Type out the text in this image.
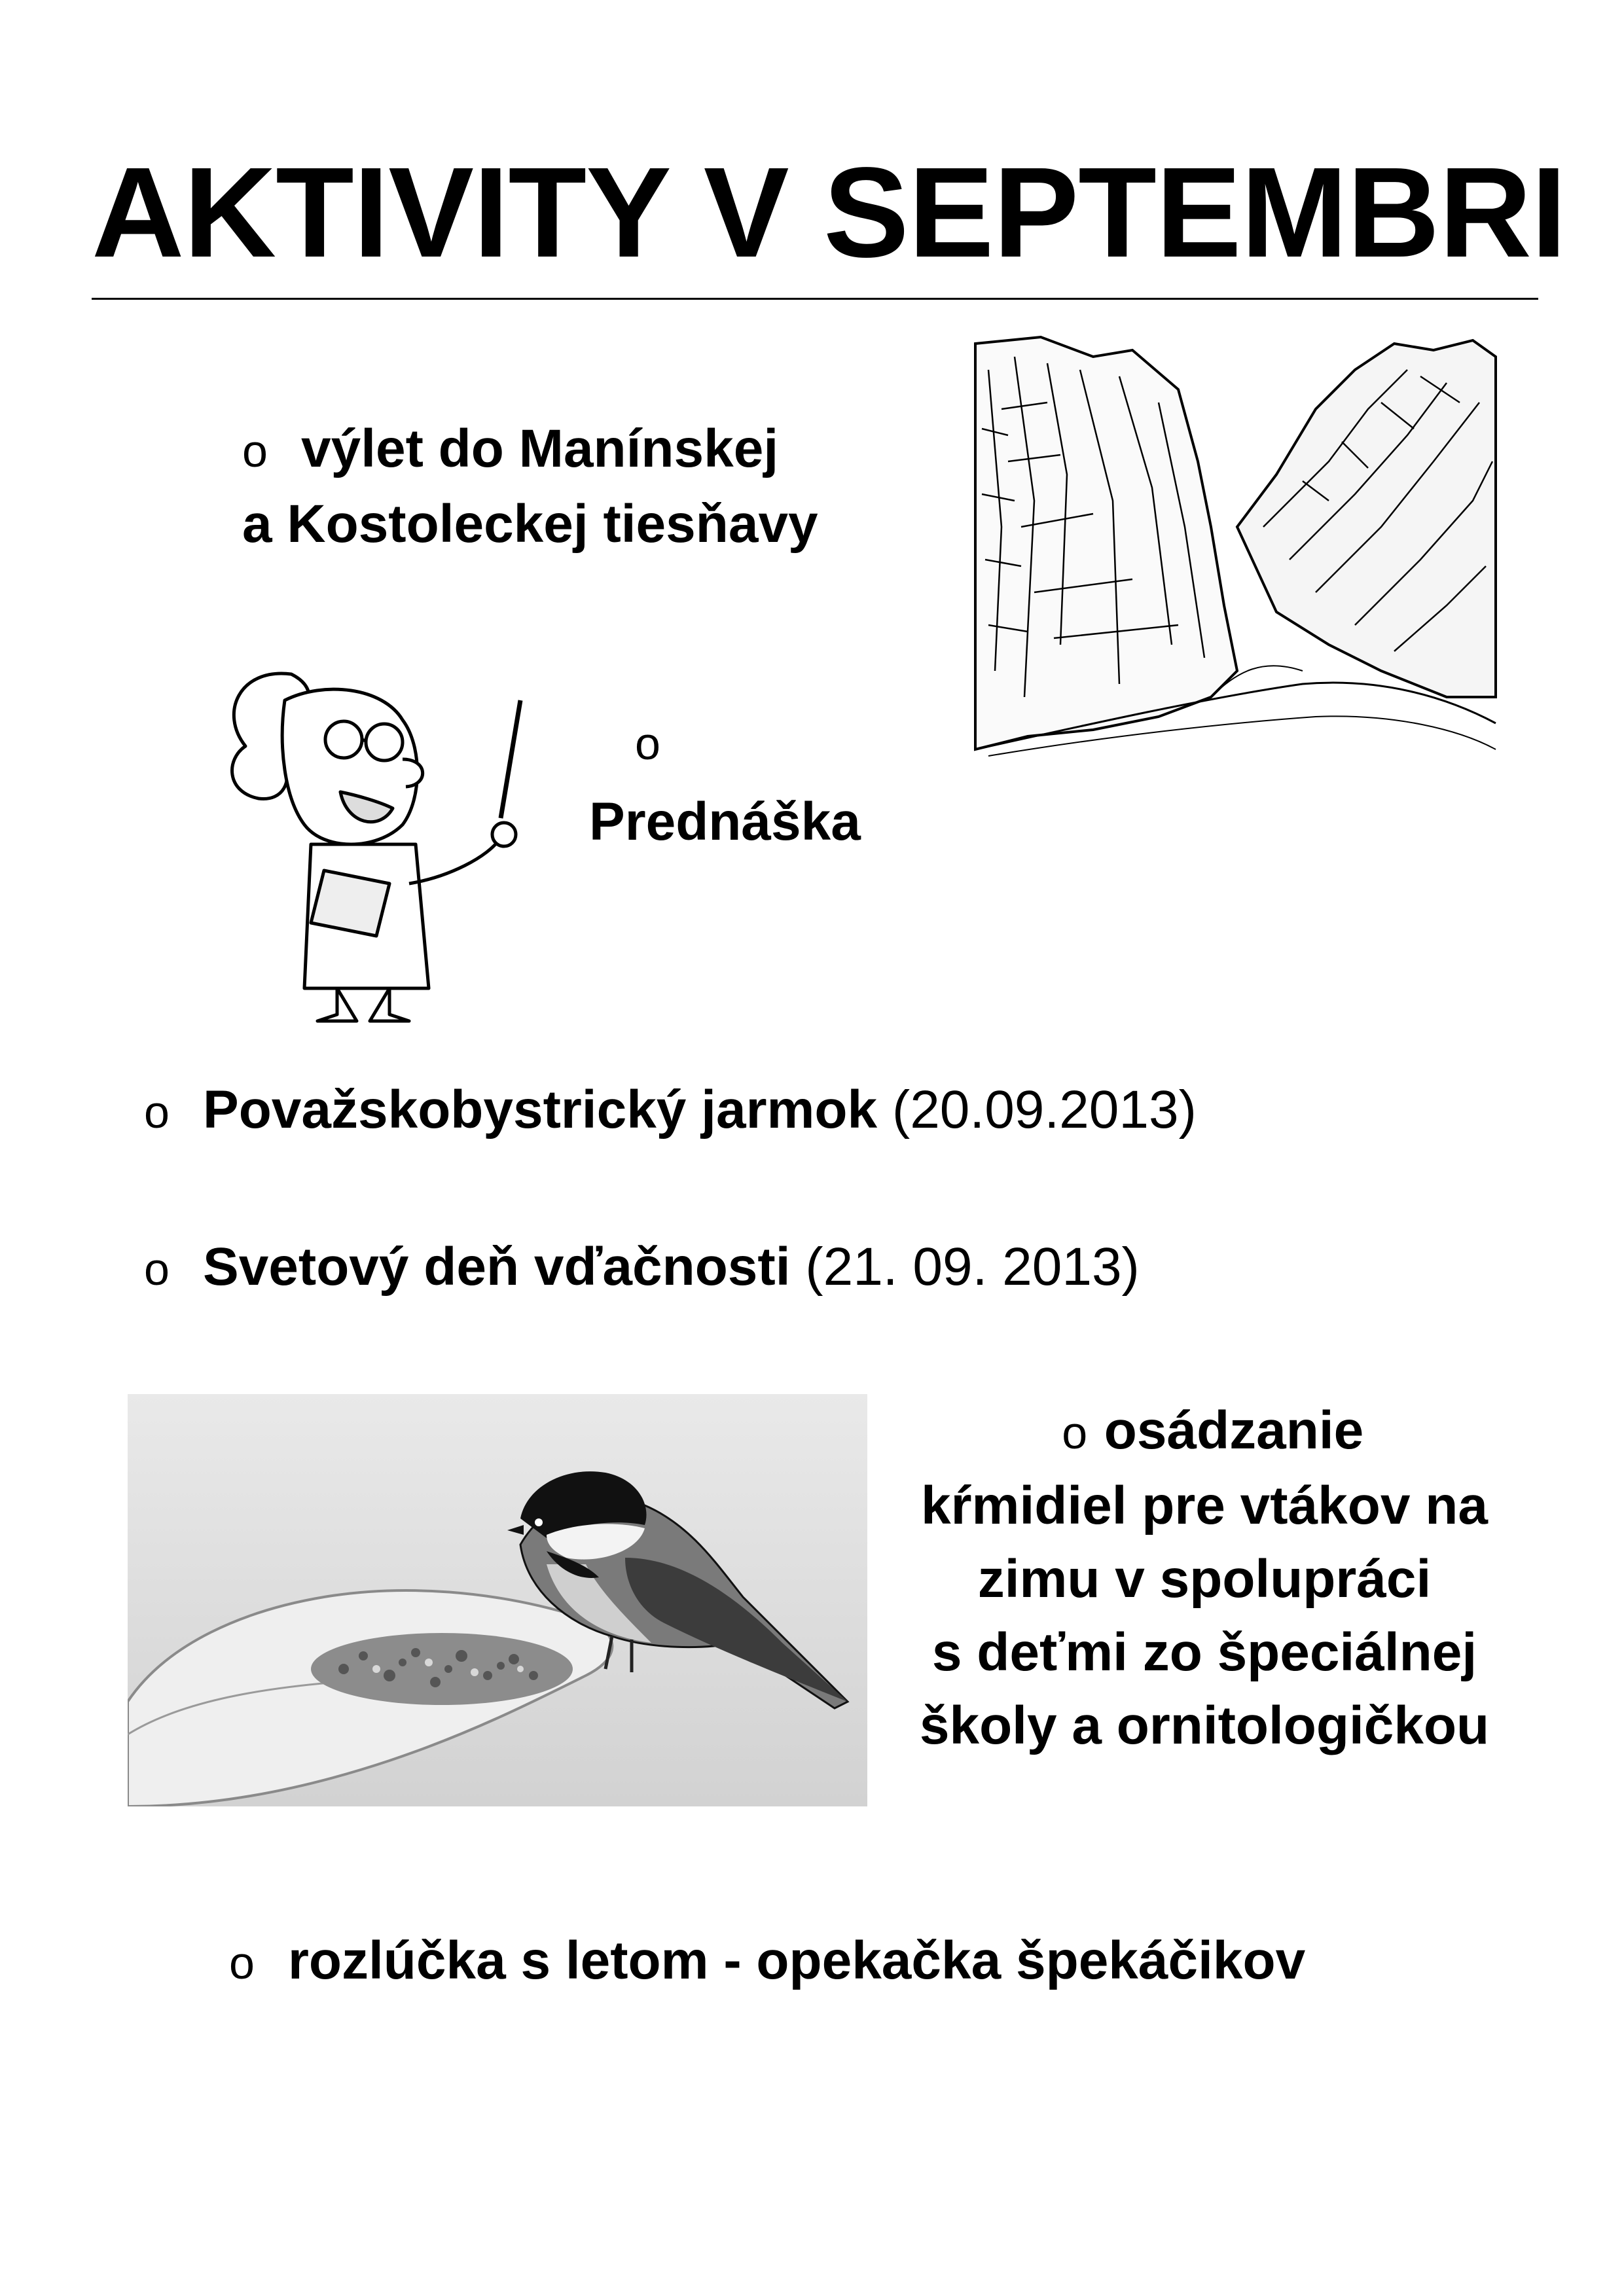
AKTIVITY V SEPTEMBRI
o výlet do Manínskej
a Kostoleckej tiesňavy
o
Prednáška
o Považskobystrický jarmok (20.09.2013)
o Svetový deň vďačnosti (21. 09. 2013)
o osádzanie
kŕmidiel pre vtákov na
zimu v spolupráci
s deťmi zo špeciálnej
školy a ornitologičkou
o rozlúčka s letom - opekačka špekáčikov
